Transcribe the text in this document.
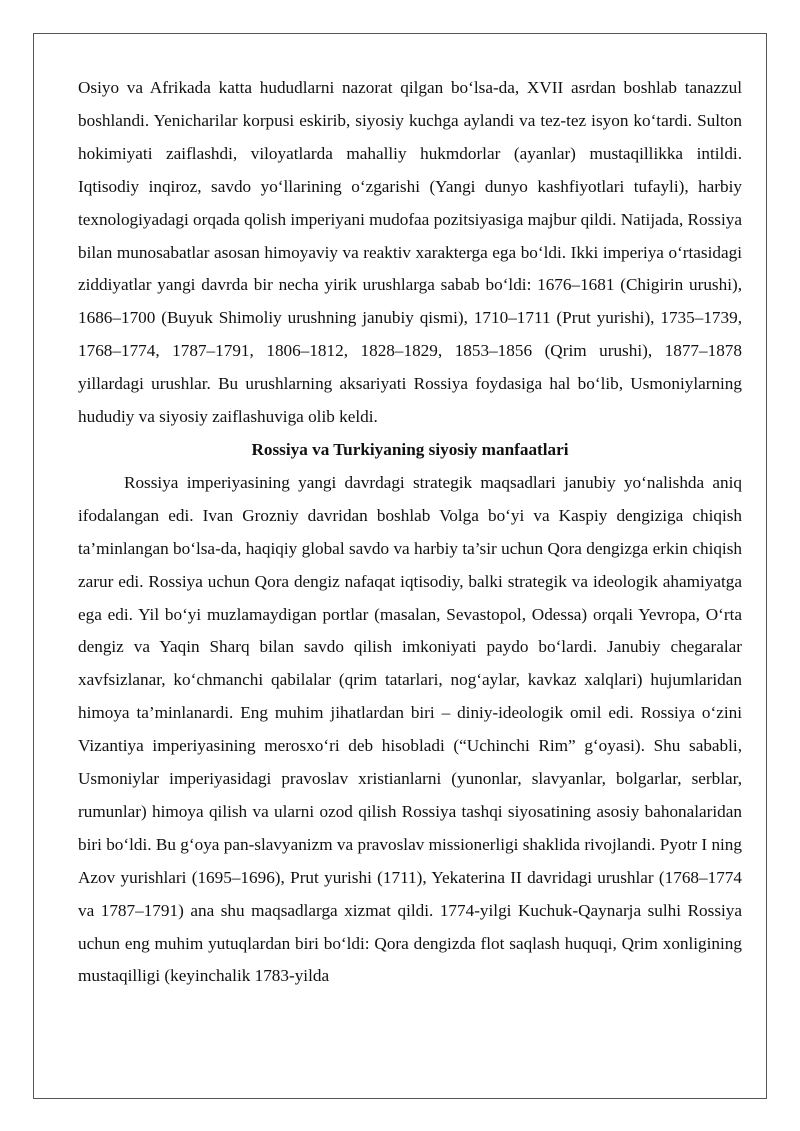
Osiyo va Afrikada katta hududlarni nazorat qilgan bo‘lsa-da, XVII asrdan boshlab tanazzul boshlandi. Yenicharilar korpusi eskirib, siyosiy kuchga aylandi va tez-tez isyon ko‘tardi. Sulton hokimiyati zaiflashdi, viloyatlarda mahalliy hukmdorlar (ayanlar) mustaqillikka intildi. Iqtisodiy inqiroz, savdo yo‘llarining o‘zgarishi (Yangi dunyo kashfiyotlari tufayli), harbiy texnologiyadagi orqada qolish imperiyani mudofaa pozitsiyasiga majbur qildi. Natijada, Rossiya bilan munosabatlar asosan himoyaviy va reaktiv xarakterga ega bo‘ldi. Ikki imperiya o‘rtasidagi ziddiyatlar yangi davrda bir necha yirik urushlarga sabab bo‘ldi: 1676–1681 (Chigirin urushi), 1686–1700 (Buyuk Shimoliy urushning janubiy qismi), 1710–1711 (Prut yurishi), 1735–1739, 1768–1774, 1787–1791, 1806–1812, 1828–1829, 1853–1856 (Qrim urushi), 1877–1878 yillardagi urushlar. Bu urushlarning aksariyati Rossiya foydasiga hal bo‘lib, Usmoniylarning hududiy va siyosiy zaiflashuviga olib keldi.

Rossiya va Turkiyaning siyosiy manfaatlari

Rossiya imperiyasining yangi davrdagi strategik maqsadlari janubiy yo‘nalishda aniq ifodalangan edi. Ivan Grozniy davridan boshlab Volga bo‘yi va Kaspiy dengiziga chiqish ta’minlangan bo‘lsa-da, haqiqiy global savdo va harbiy ta’sir uchun Qora dengizga erkin chiqish zarur edi. Rossiya uchun Qora dengiz nafaqat iqtisodiy, balki strategik va ideologik ahamiyatga ega edi. Yil bo‘yi muzlamaydigan portlar (masalan, Sevastopol, Odessa) orqali Yevropa, O‘rta dengiz va Yaqin Sharq bilan savdo qilish imkoniyati paydo bo‘lardi. Janubiy chegaralar xavfsizlanar, ko‘chmanchi qabilalar (qrim tatarlari, nog‘aylar, kavkaz xalqlari) hujumlaridan himoya ta’minlanardi. Eng muhim jihatlardan biri – diniy-ideologik omil edi. Rossiya o‘zini Vizantiya imperiyasining merosxo‘ri deb hisobladi (“Uchinchi Rim” g‘oyasi). Shu sababli, Usmoniylar imperiyasidagi pravoslav xristianlarni (yunonlar, slavyanlar, bolgarlar, serblar, rumunlar) himoya qilish va ularni ozod qilish Rossiya tashqi siyosatining asosiy bahonalaridan biri bo‘ldi. Bu g‘oya pan-slavyanizm va pravoslav missionerligi shaklida rivojlandi. Pyotr I ning Azov yurishlari (1695–1696), Prut yurishi (1711), Yekaterina II davridagi urushlar (1768–1774 va 1787–1791) ana shu maqsadlarga xizmat qildi. 1774-yilgi Kuchuk-Qaynarja sulhi Rossiya uchun eng muhim yutuqlardan biri bo‘ldi: Qora dengizda flot saqlash huquqi, Qrim xonligining mustaqilligi (keyinchalik 1783-yilda
